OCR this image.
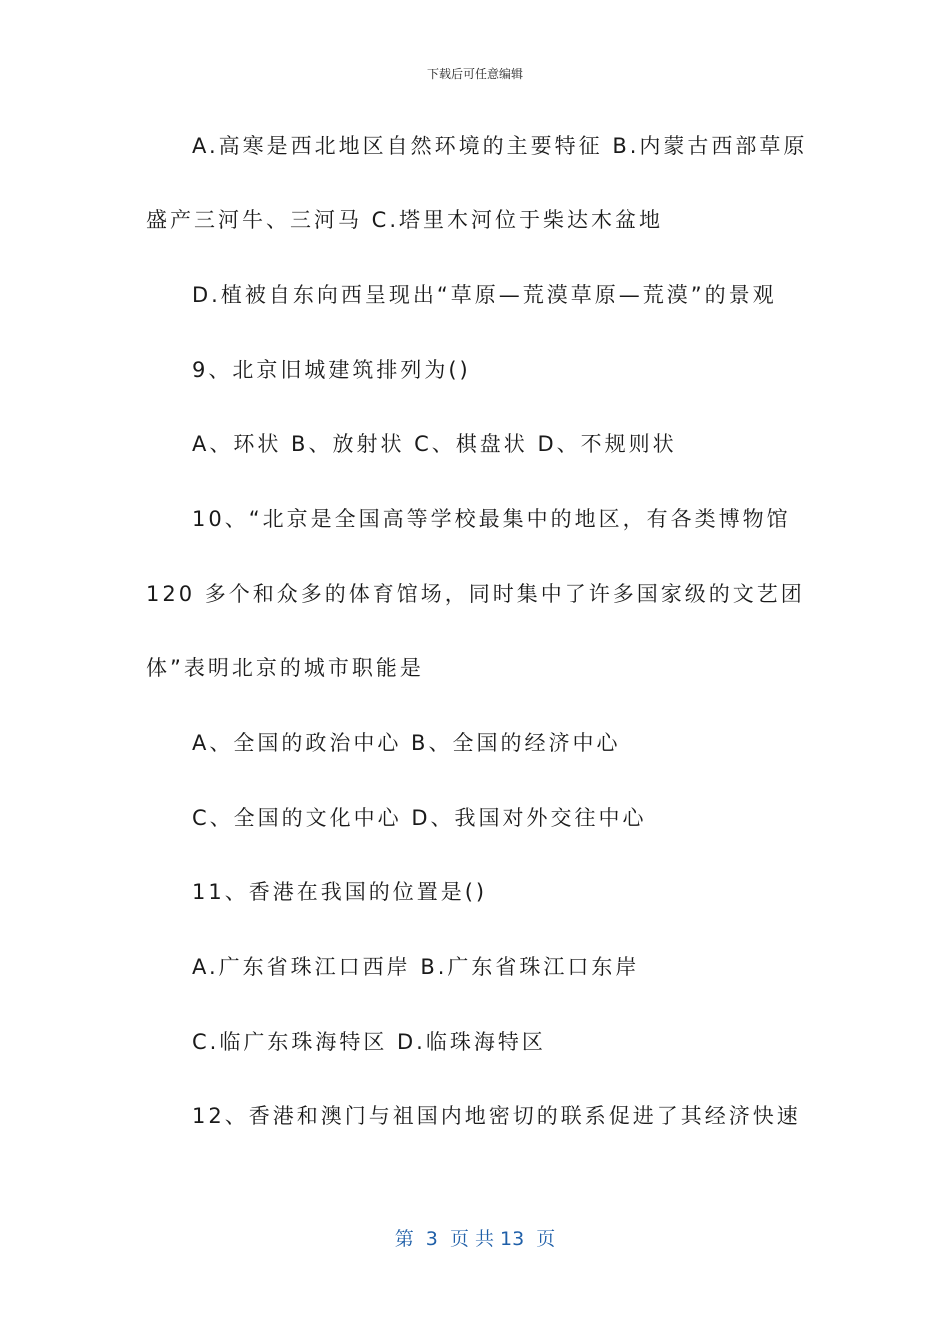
下载后可任意编辑
A.高寒是西北地区自然环境的主要特征 B.内蒙古西部草原
盛产三河牛、三河马 C.塔里木河位于柴达木盆地
D.植被自东向西呈现出“草原—荒漠草原—荒漠”的景观
9、北京旧城建筑排列为()
A、环状 B、放射状 C、棋盘状 D、不规则状
10、“北京是全国高等学校最集中的地区，有各类博物馆
120 多个和众多的体育馆场，同时集中了许多国家级的文艺团
体”表明北京的城市职能是
A、全国的政治中心 B、全国的经济中心
C、全国的文化中心 D、我国对外交往中心
11、香港在我国的位置是()
A.广东省珠江口西岸 B.广东省珠江口东岸
C.临广东珠海特区 D.临珠海特区
12、香港和澳门与祖国内地密切的联系促进了其经济快速
第  3  页 共 13  页
